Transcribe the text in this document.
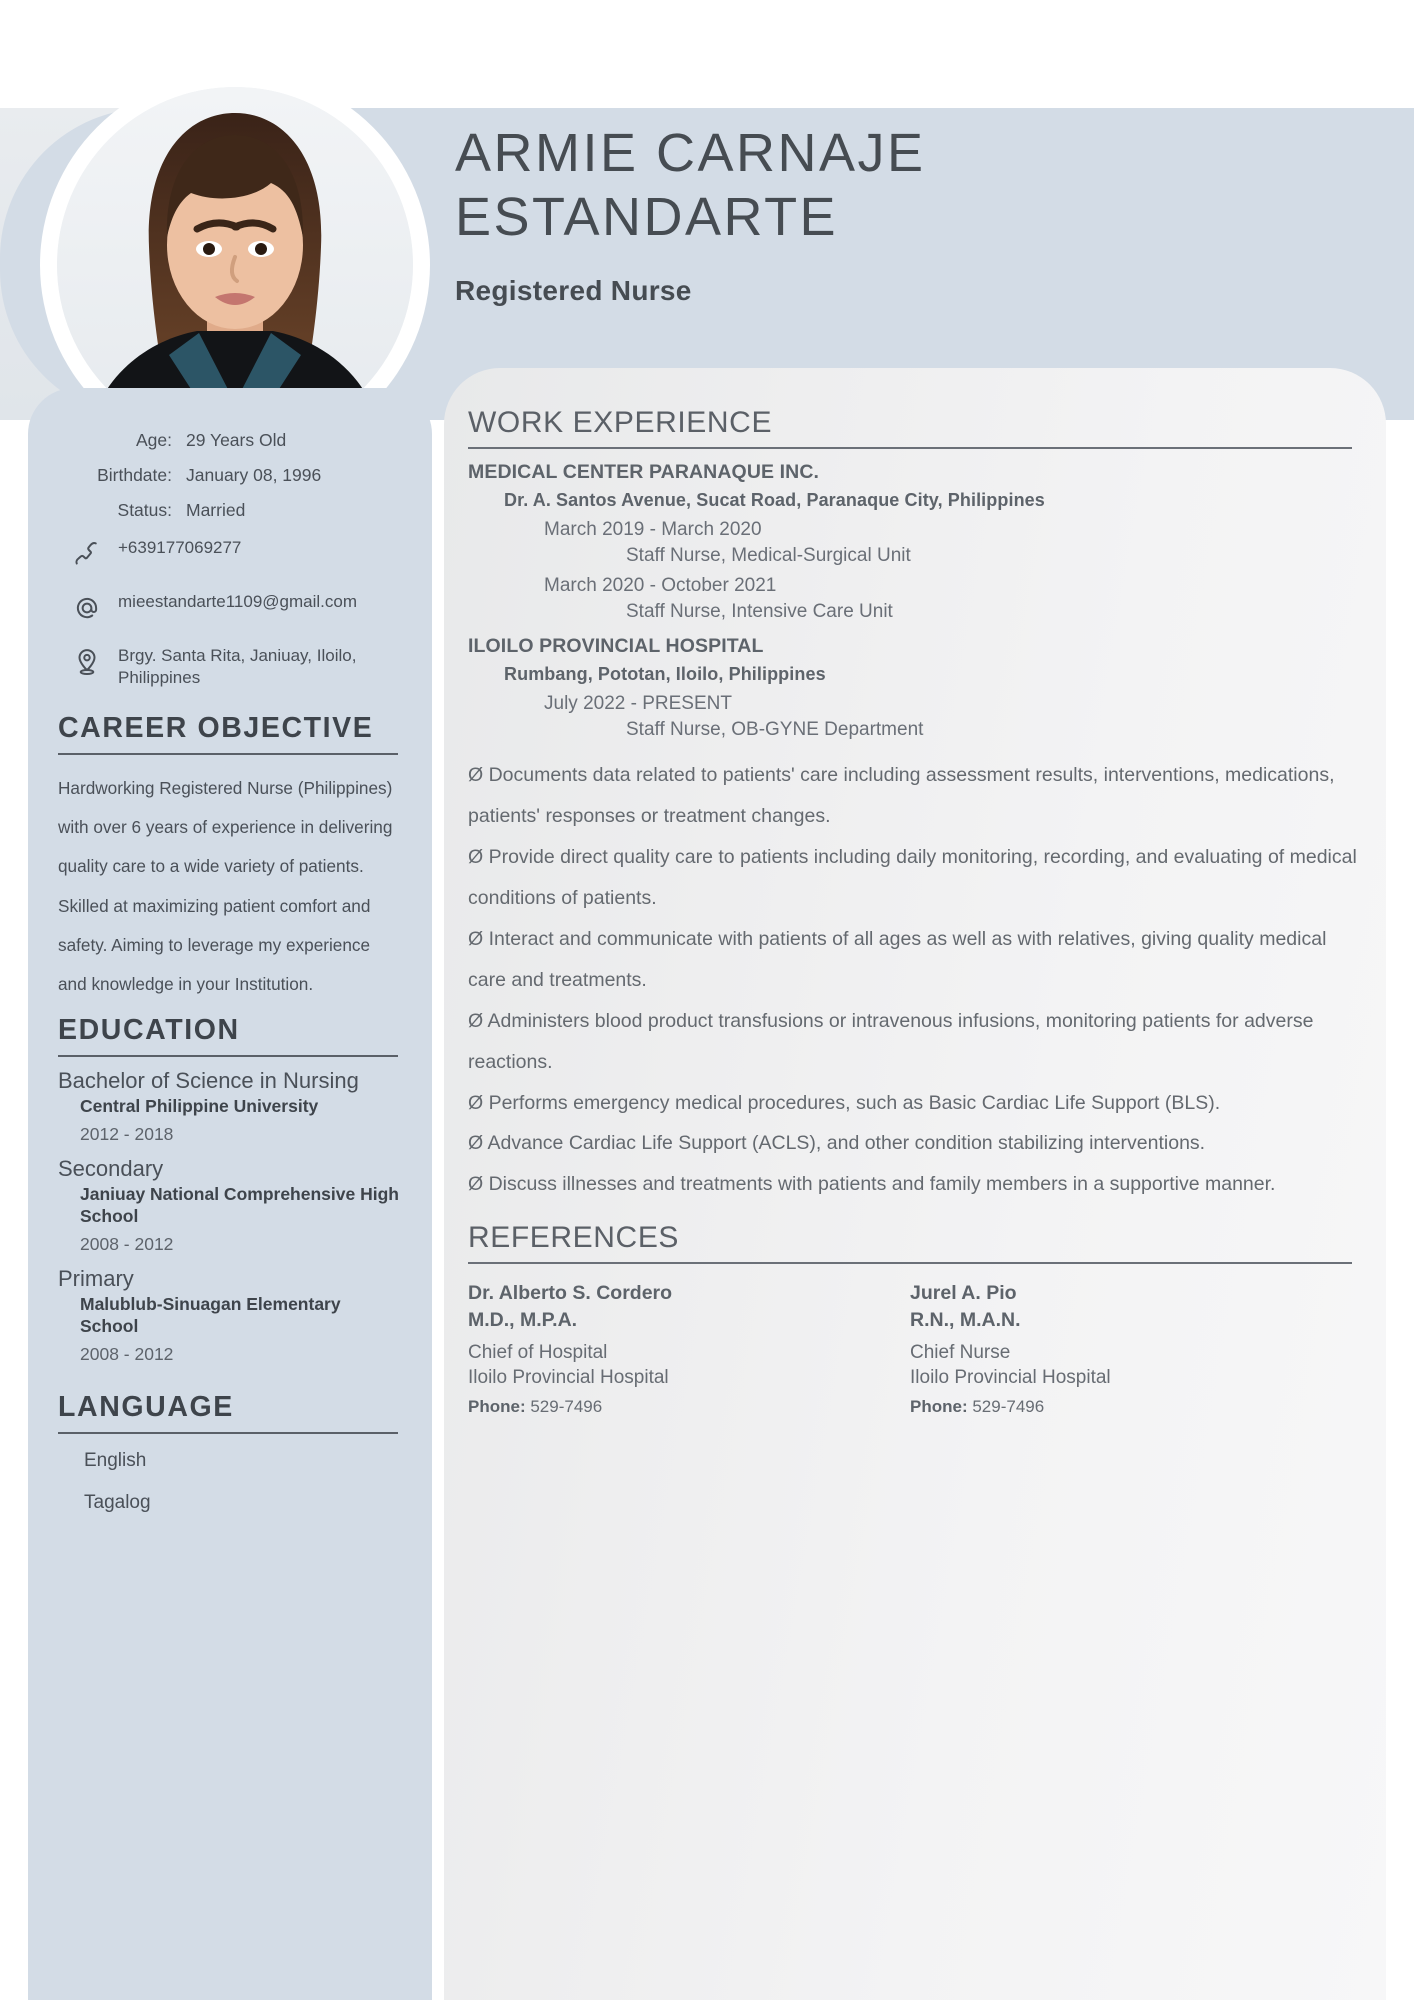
ARMIE CARNAJE
ESTANDARTE
Registered Nurse
Age: 29 Years Old
Birthdate: January 08, 1996
Status: Married
+639177069277
mieestandarte1109@gmail.com
Brgy. Santa Rita, Janiuay, Iloilo, Philippines
CAREER OBJECTIVE
Hardworking Registered Nurse (Philippines) with over 6 years of experience in delivering quality care to a wide variety of patients. Skilled at maximizing patient comfort and safety. Aiming to leverage my experience and knowledge in your Institution.
EDUCATION
Bachelor of Science in Nursing
Central Philippine University
2012 - 2018
Secondary
Janiuay National Comprehensive High School
2008 - 2012
Primary
Malublub-Sinuagan Elementary School
2008 - 2012
LANGUAGE
English
Tagalog
WORK EXPERIENCE
MEDICAL CENTER PARANAQUE INC.
Dr. A. Santos Avenue, Sucat Road, Paranaque City, Philippines
March 2019 - March 2020
Staff Nurse, Medical-Surgical Unit
March 2020 - October 2021
Staff Nurse, Intensive Care Unit
ILOILO PROVINCIAL HOSPITAL
Rumbang, Pototan, Iloilo, Philippines
July 2022 - PRESENT
Staff Nurse, OB-GYNE Department
Ø Documents data related to patients' care including assessment results, interventions, medications, patients' responses or treatment changes.
Ø Provide direct quality care to patients including daily monitoring, recording, and evaluating of medical conditions of patients.
Ø Interact and communicate with patients of all ages as well as with relatives, giving quality medical care and treatments.
Ø Administers blood product transfusions or intravenous infusions, monitoring patients for adverse reactions.
Ø Performs emergency medical procedures, such as Basic Cardiac Life Support (BLS).
Ø Advance Cardiac Life Support (ACLS), and other condition stabilizing interventions.
Ø Discuss illnesses and treatments with patients and family members in a supportive manner.
REFERENCES
Dr. Alberto S. Cordero
M.D., M.P.A.
Chief of Hospital
Iloilo Provincial Hospital
Phone: 529-7496
Jurel A. Pio
R.N., M.A.N.
Chief Nurse
Iloilo Provincial Hospital
Phone: 529-7496
